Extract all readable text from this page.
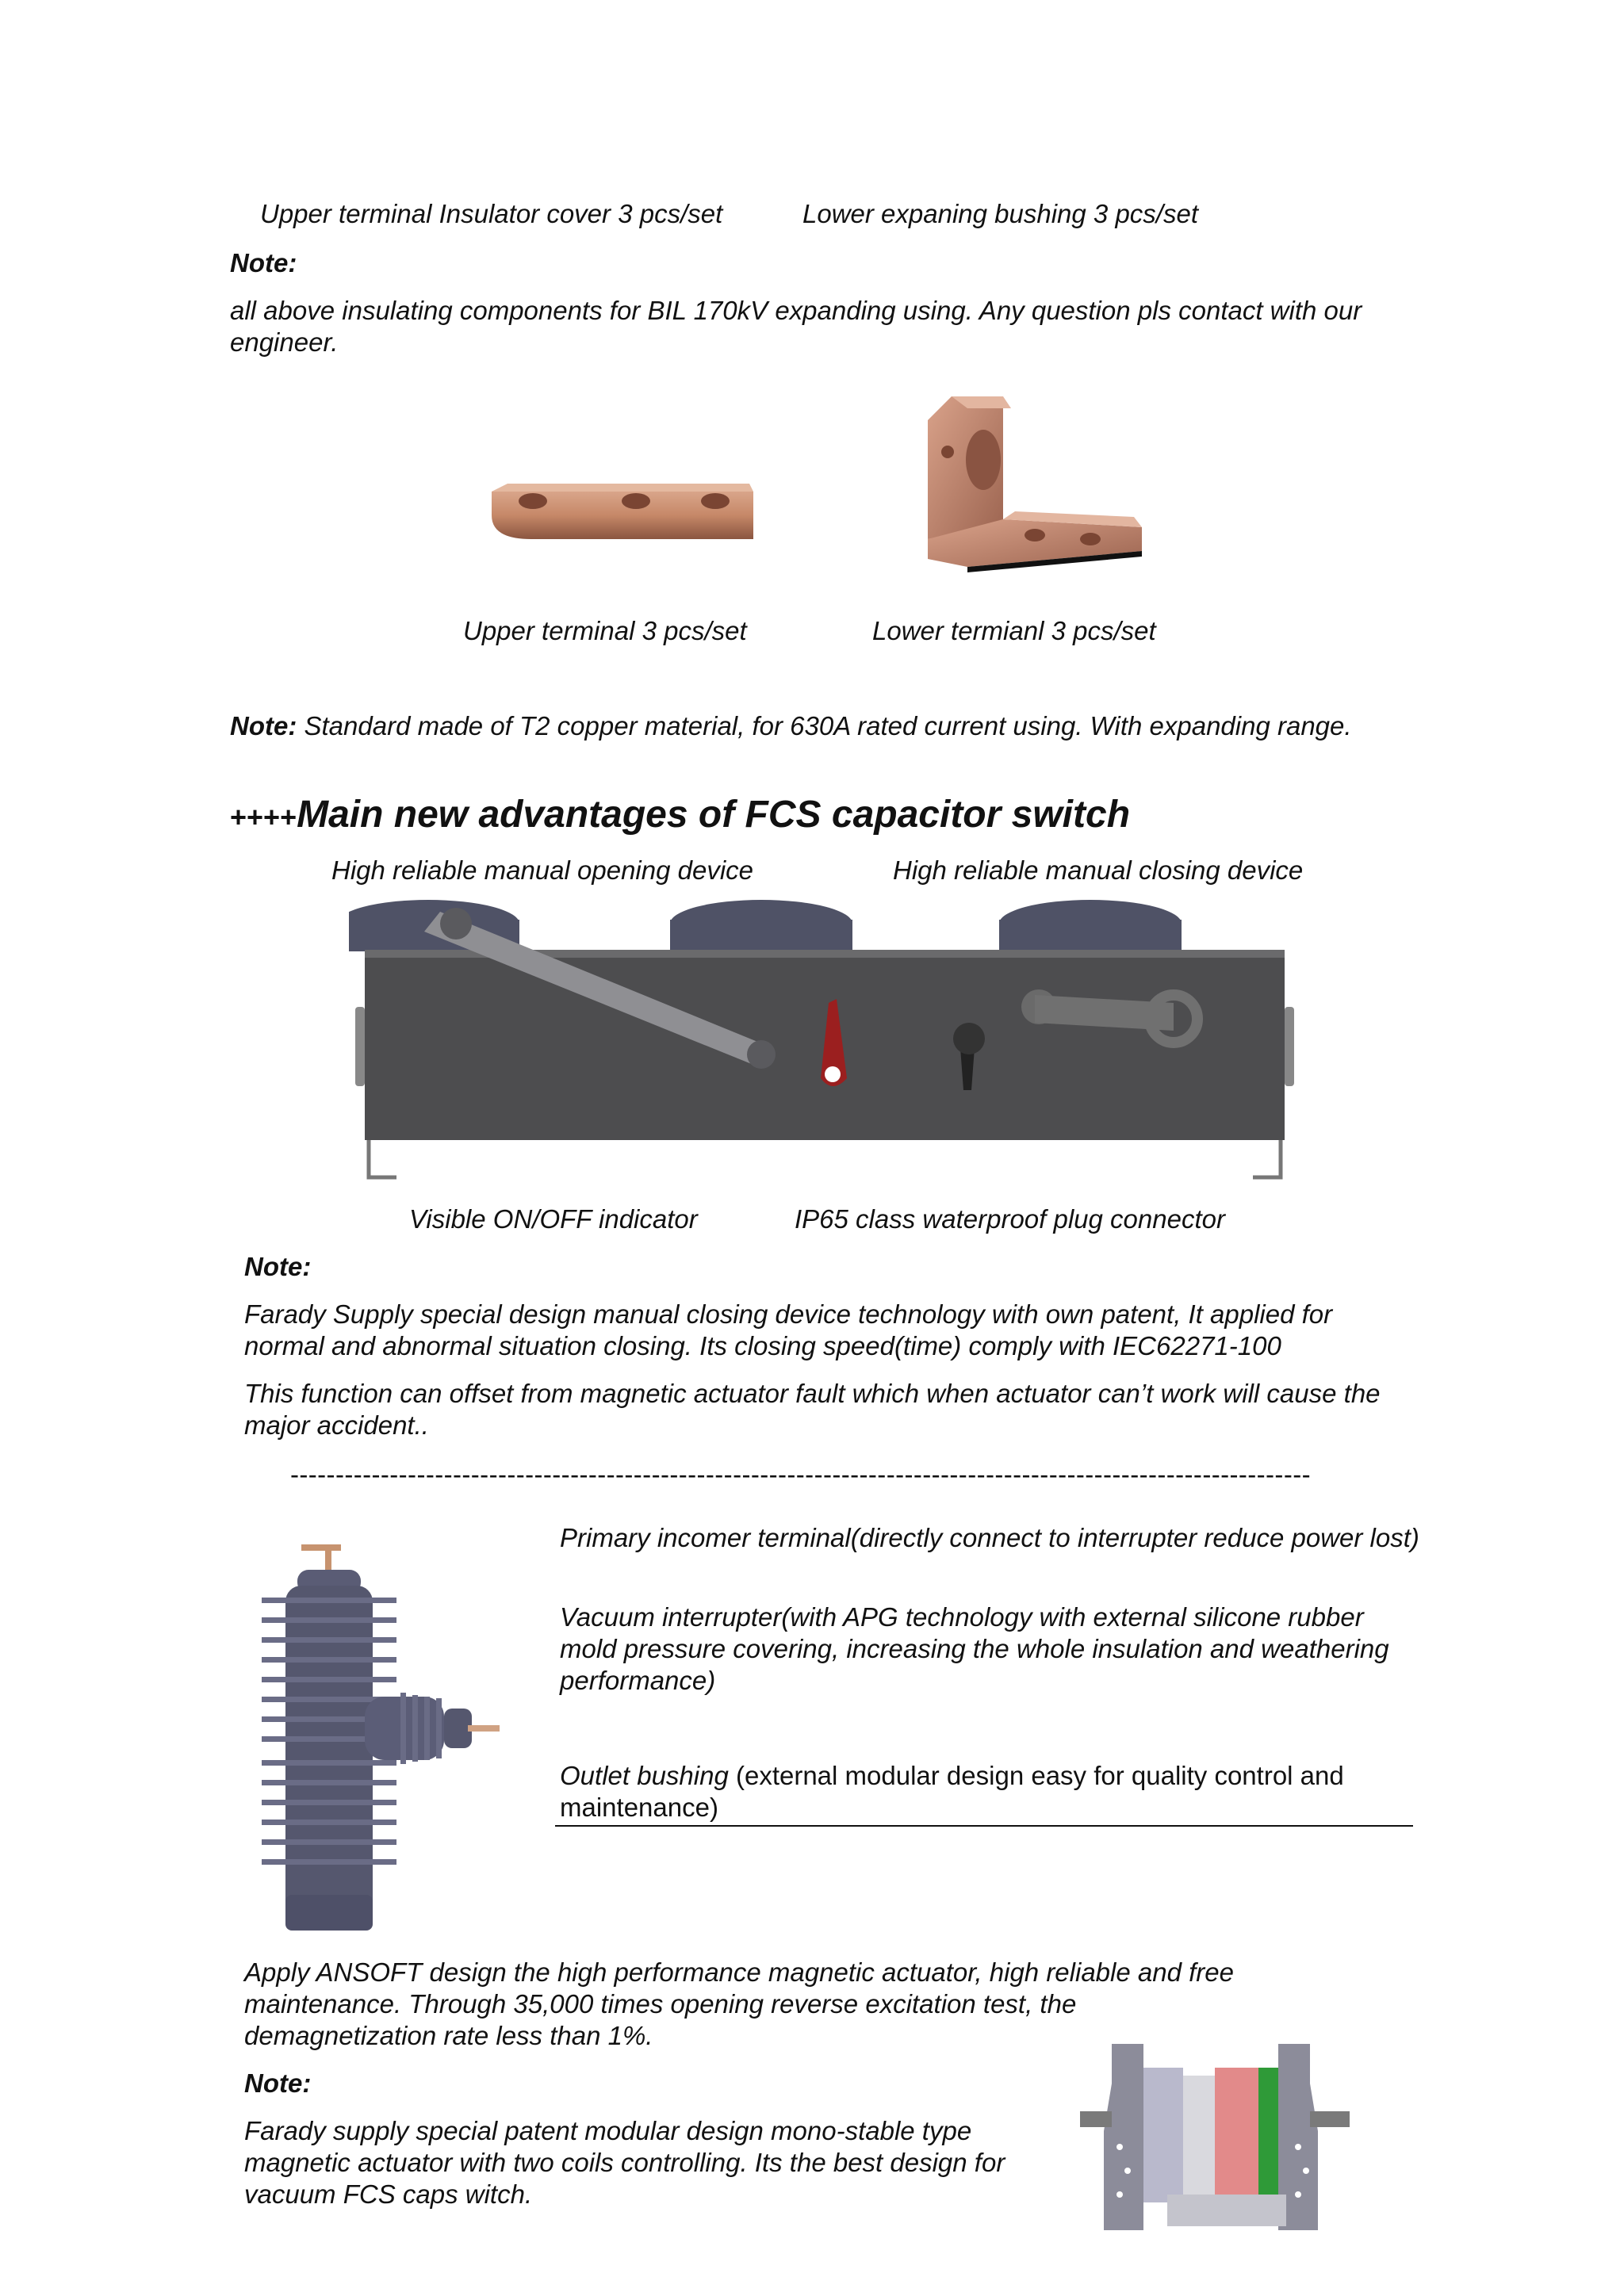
Upper terminal Insulator cover 3 pcs/set	Lower expaning bushing 3 pcs/set
Note:
all above insulating components for BIL 170kV expanding using. Any question pls contact with our engineer.
Upper terminal 3 pcs/set	Lower termianl 3 pcs/set
Note: Standard made of T2 copper material, for 630A rated current using. With expanding range.
++++Main new advantages of FCS capacitor switch
High reliable manual opening device	High reliable manual closing device
Visible ON/OFF indicator	IP65 class waterproof plug connector
Note:
Farady Supply special design manual closing device technology with own patent, It applied for normal and abnormal situation closing. Its closing speed(time) comply with IEC62271-100
This function can offset from magnetic actuator fault which when actuator can’t work will cause the major accident..
-----------------------------------------------------------------------------------------------------------------
Primary incomer terminal(directly connect to interrupter reduce power lost)
Vacuum interrupter(with APG technology with external silicone rubber mold pressure covering, increasing the whole insulation and weathering performance)
Outlet bushing (external modular design easy for quality control and maintenance)
Apply ANSOFT design the high performance magnetic actuator, high reliable and free maintenance. Through 35,000 times opening reverse excitation test, the demagnetization rate less than 1%.
Note:
Farady supply special patent modular design mono-stable type magnetic actuator with two coils controlling. Its the best design for vacuum FCS caps witch.
